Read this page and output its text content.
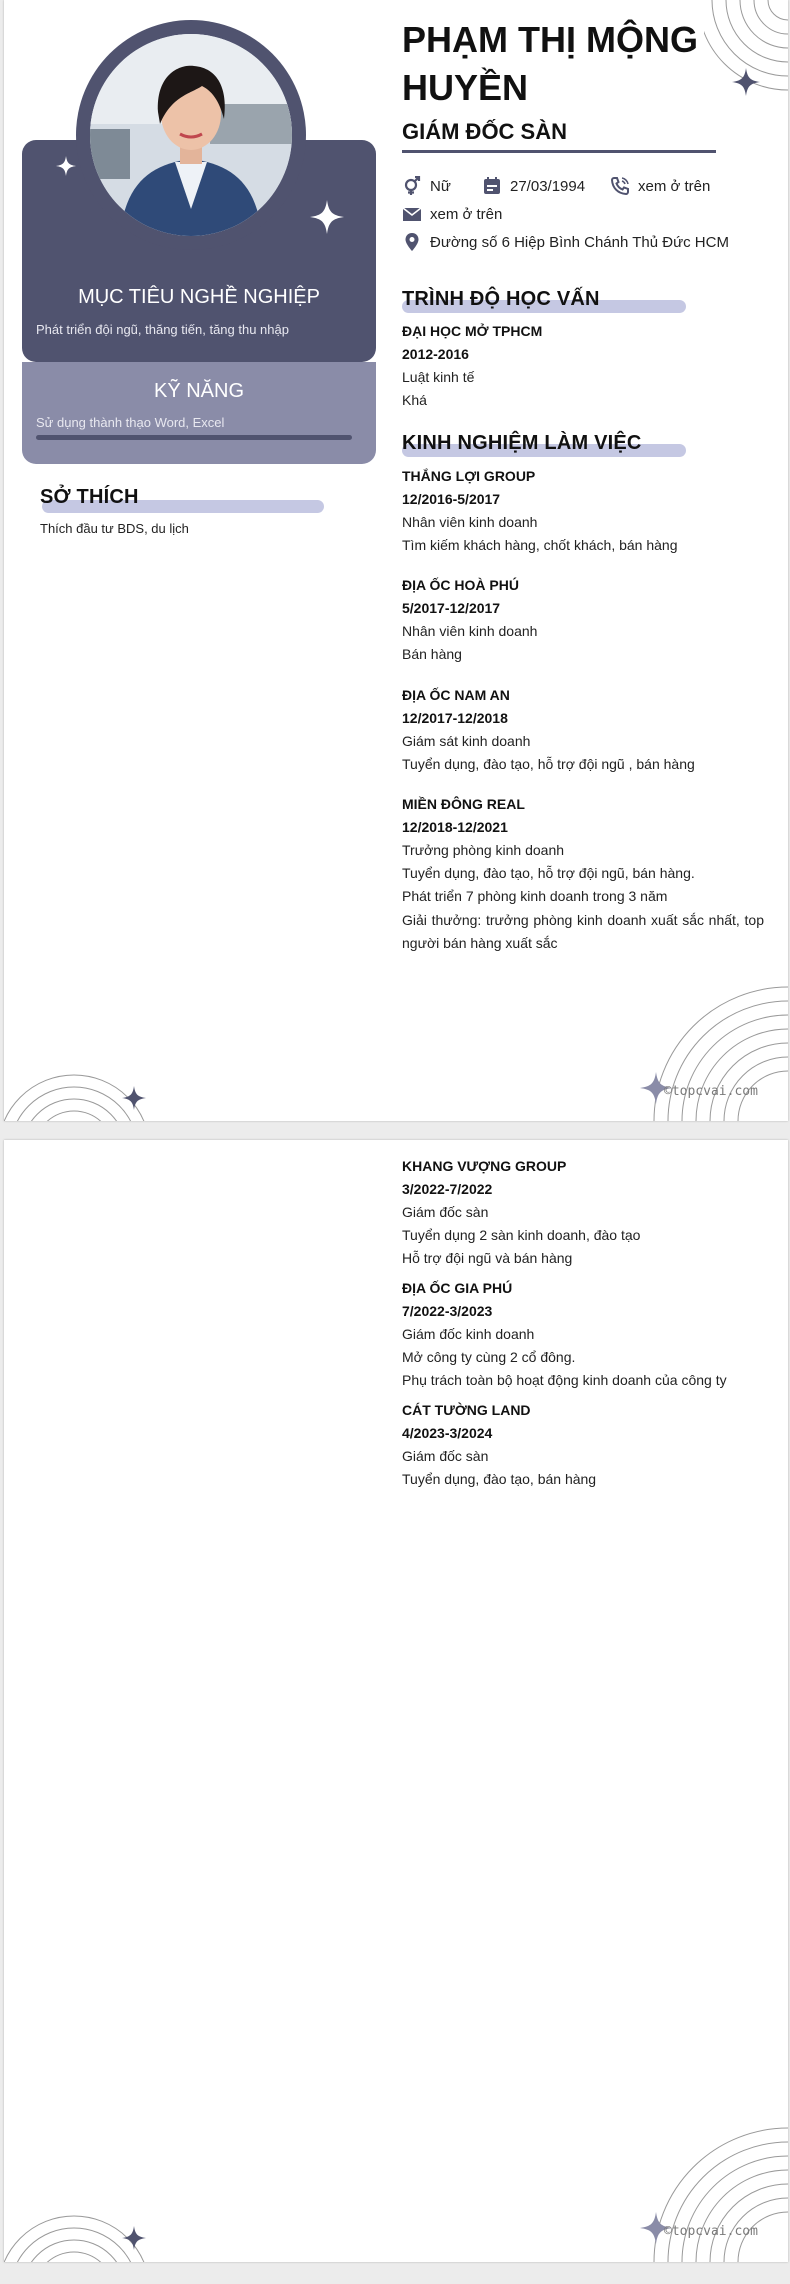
MỤC TIÊU NGHỀ NGHIỆP
Phát triển đội ngũ, thăng tiến, tăng thu nhập
KỸ NĂNG
Sử dụng thành thạo Word, Excel
SỞ THÍCH
Thích đầu tư BDS, du lịch
PHẠM THỊ MỘNG HUYỀN
GIÁM ĐỐC SÀN
Nữ	27/03/1994	xem ở trên
xem ở trên
Đường số 6 Hiệp Bình Chánh Thủ Đức HCM
TRÌNH ĐỘ HỌC VẤN
ĐẠI HỌC MỞ TPHCM
2012-2016
Luật kinh tế
Khá
KINH NGHIỆM LÀM VIỆC
THẮNG LỢI GROUP
12/2016-5/2017
Nhân viên kinh doanh
Tìm kiếm khách hàng, chốt khách, bán hàng
ĐỊA ỐC HOÀ PHÚ
5/2017-12/2017
Nhân viên kinh doanh
Bán hàng
ĐỊA ỐC NAM AN
12/2017-12/2018
Giám sát kinh doanh
Tuyển dụng, đào tạo, hỗ trợ đội ngũ , bán hàng
MIỀN ĐÔNG REAL
12/2018-12/2021
Trưởng phòng kinh doanh
Tuyển dụng, đào tạo, hỗ trợ đội ngũ, bán hàng.
Phát triển 7 phòng kinh doanh trong 3 năm
Giải thưởng: trưởng phòng kinh doanh xuất sắc nhất, top người bán hàng xuất sắc
©topcvai.com
KHANG VƯỢNG GROUP
3/2022-7/2022
Giám đốc sàn
Tuyển dụng 2 sàn kinh doanh, đào tạo
Hỗ trợ đội ngũ và bán hàng
ĐỊA ỐC GIA PHÚ
7/2022-3/2023
Giám đốc kinh doanh
Mở công ty cùng 2 cổ đông.
Phụ trách toàn bộ hoạt động kinh doanh của công ty
CÁT TƯỜNG LAND
4/2023-3/2024
Giám đốc sàn
Tuyển dụng, đào tạo, bán hàng
©topcvai.com
